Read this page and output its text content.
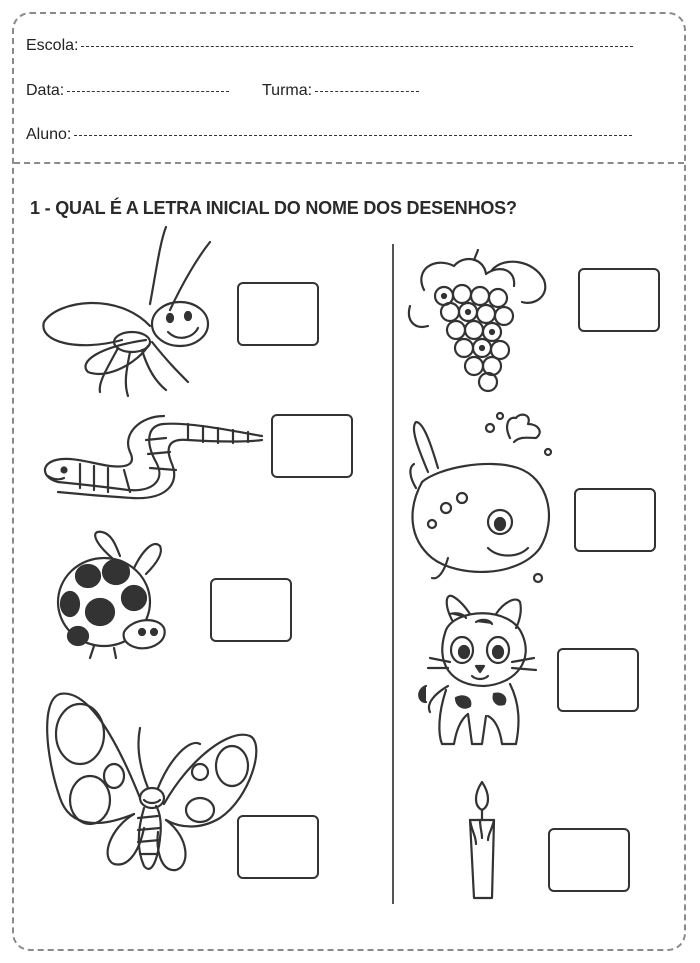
Escola:
Data:	Turma:
Aluno:
1 - QUAL É A LETRA INICIAL DO NOME DOS DESENHOS?
